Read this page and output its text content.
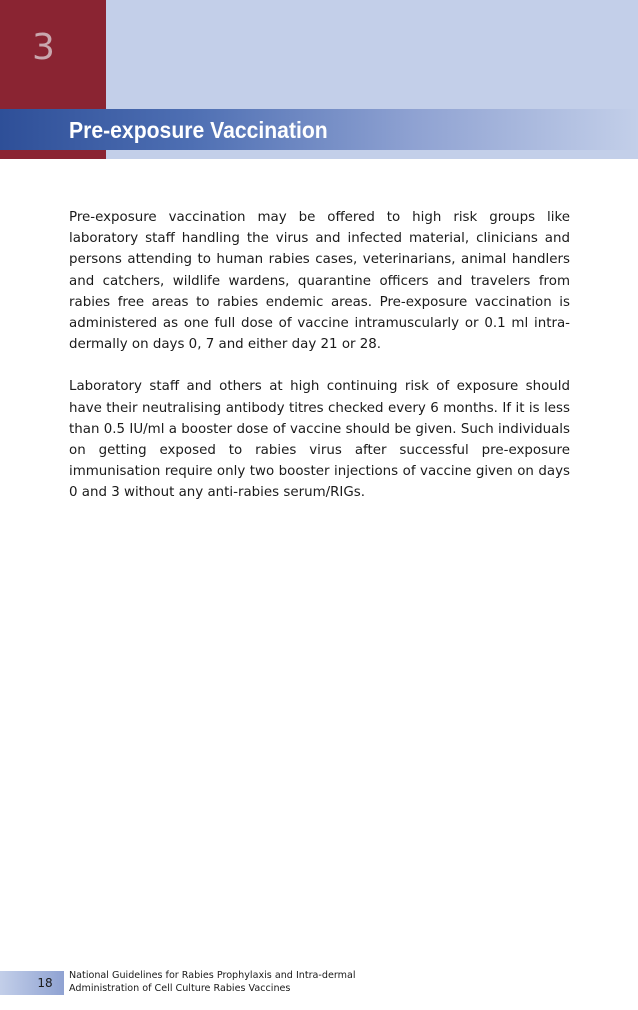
3
Pre-exposure Vaccination

Pre-exposure vaccination may be offered to high risk groups like laboratory staff handling the virus and infected material, clinicians and persons attending to human rabies cases, veterinarians, animal handlers and catchers, wildlife wardens, quarantine officers and travelers from rabies free areas to rabies endemic areas. Pre-exposure vaccination is administered as one full dose of vaccine intramuscularly or 0.1 ml intra-dermally on days 0, 7 and either day 21 or 28.

Laboratory staff and others at high continuing risk of exposure should have their neutralising antibody titres checked every 6 months. If it is less than 0.5 IU/ml a booster dose of vaccine should be given. Such individuals on getting exposed to rabies virus after successful pre-exposure immunisation require only two booster injections of vaccine given on days 0 and 3 without any anti-rabies serum/RIGs.

18
National Guidelines for Rabies Prophylaxis and Intra-dermal
Administration of Cell Culture Rabies Vaccines
